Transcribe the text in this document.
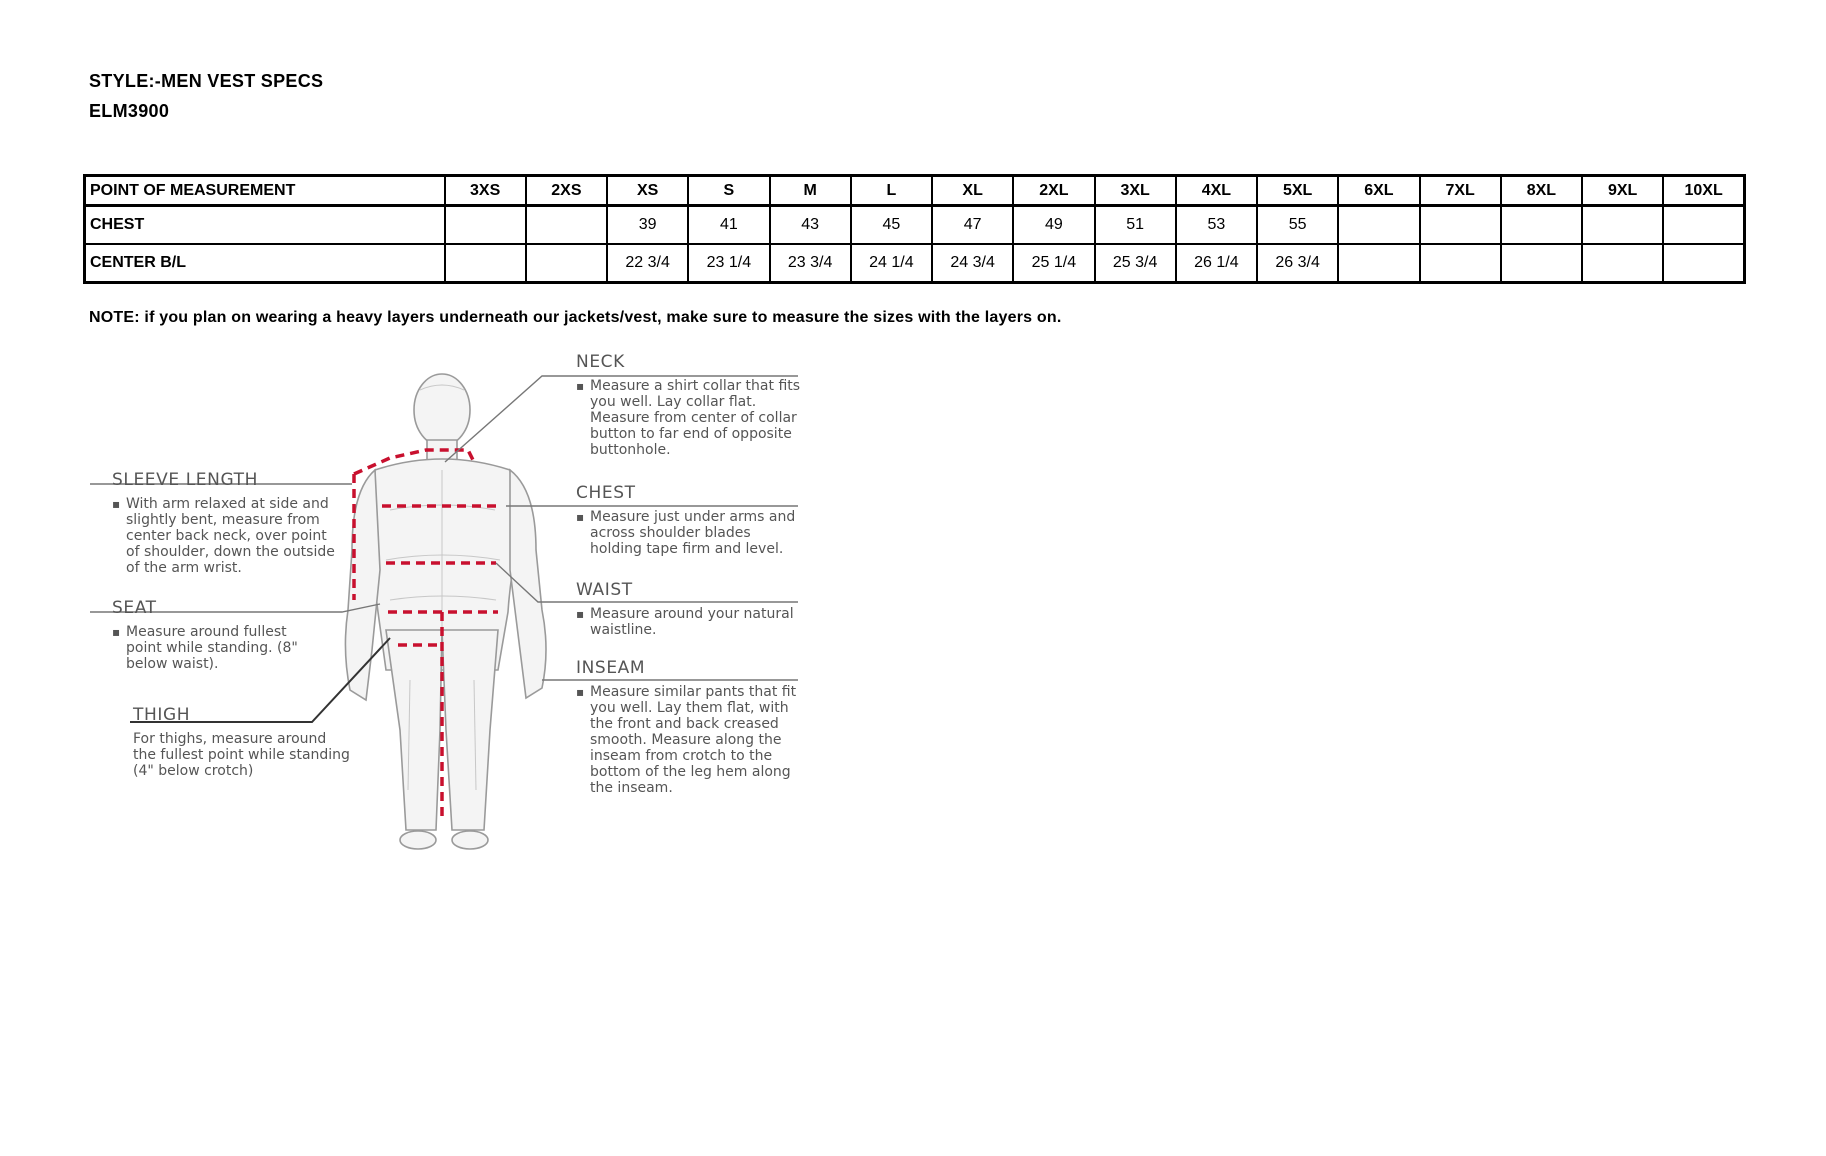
STYLE:-MEN VEST SPECS
ELM3900
POINT OF MEASUREMENT	3XS	2XS	XS	S	M	L	XL	2XL	3XL	4XL	5XL	6XL	7XL	8XL	9XL	10XL
CHEST			39	41	43	45	47	49	51	53	55					
CENTER B/L			22 3/4	23 1/4	23 3/4	24 1/4	24 3/4	25 1/4	25 3/4	26 1/4	26 3/4					
NOTE: if you plan on wearing a heavy layers underneath our jackets/vest, make sure to measure the sizes with the layers on.
SLEEVE LENGTH
▪ With arm relaxed at side and slightly bent, measure from center back neck, over point of shoulder, down the outside of the arm wrist.
SEAT
▪ Measure around fullest point while standing. (8" below waist).
THIGH
For thighs, measure around the fullest point while standing (4" below crotch)
NECK
▪ Measure a shirt collar that fits you well. Lay collar flat. Measure from center of collar button to far end of opposite buttonhole.
CHEST
▪ Measure just under arms and across shoulder blades holding tape firm and level.
WAIST
▪ Measure around your natural waistline.
INSEAM
▪ Measure similar pants that fit you well. Lay them flat, with the front and back creased smooth. Measure along the inseam from crotch to the bottom of the leg hem along the inseam.
